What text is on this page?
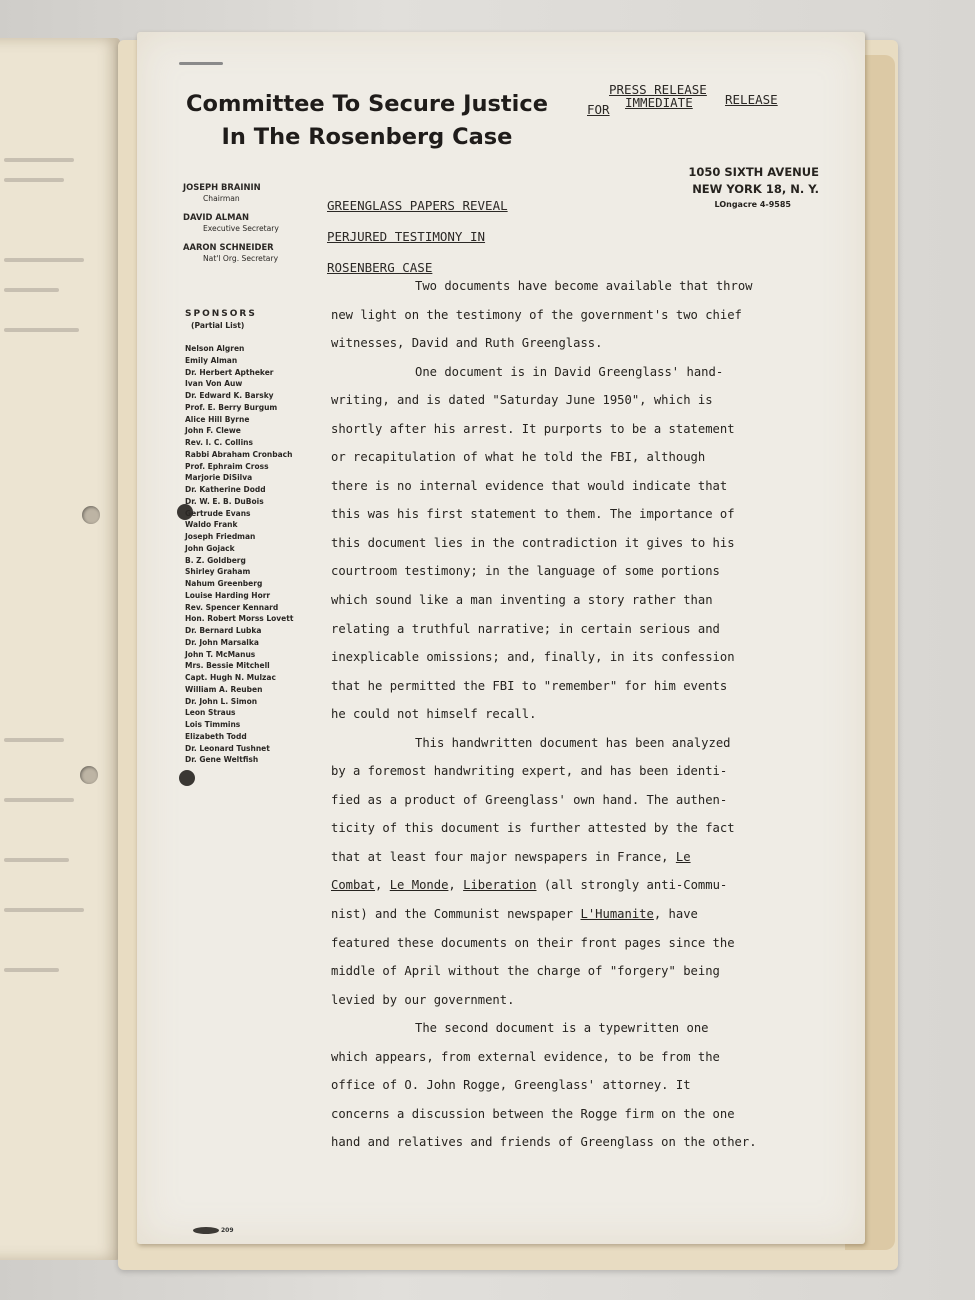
Committee To Secure Justice
In The Rosenberg Case
PRESS RELEASE
FOR IMMEDIATE	RELEASE
1050 SIXTH AVENUE
NEW YORK 18, N. Y.
LOngacre 4-9585
JOSEPH BRAININ
Chairman
DAVID ALMAN
Executive Secretary
AARON SCHNEIDER
Nat'l Org. Secretary
SPONSORS
(Partial List)
Nelson Algren
Emily Alman
Dr. Herbert Aptheker
Ivan Von Auw
Dr. Edward K. Barsky
Prof. E. Berry Burgum
Alice Hill Byrne
John F. Clewe
Rev. I. C. Collins
Rabbi Abraham Cronbach
Prof. Ephraim Cross
Marjorie DiSilva
Dr. Katherine Dodd
Dr. W. E. B. DuBois
Gertrude Evans
Waldo Frank
Joseph Friedman
John Gojack
B. Z. Goldberg
Shirley Graham
Nahum Greenberg
Louise Harding Horr
Rev. Spencer Kennard
Hon. Robert Morss Lovett
Dr. Bernard Lubka
Dr. John Marsalka
John T. McManus
Mrs. Bessie Mitchell
Capt. Hugh N. Mulzac
William A. Reuben
Dr. John L. Simon
Leon Straus
Lois Timmins
Elizabeth Todd
Dr. Leonard Tushnet
Dr. Gene Weltfish
GREENGLASS PAPERS REVEAL
PERJURED TESTIMONY IN
ROSENBERG CASE
Two documents have become available that throw
new light on the testimony of the government's two chief
witnesses, David and Ruth Greenglass.
One document is in David Greenglass' hand-
writing, and is dated "Saturday June 1950", which is
shortly after his arrest. It purports to be a statement
or recapitulation of what he told the FBI, although
there is no internal evidence that would indicate that
this was his first statement to them. The importance of
this document lies in the contradiction it gives to his
courtroom testimony; in the language of some portions
which sound like a man inventing a story rather than
relating a truthful narrative; in certain serious and
inexplicable omissions; and, finally, in its confession
that he permitted the FBI to "remember" for him events
he could not himself recall.
This handwritten document has been analyzed
by a foremost handwriting expert, and has been identi-
fied as a product of Greenglass' own hand. The authen-
ticity of this document is further attested by the fact
that at least four major newspapers in France, Le
Combat, Le Monde, Liberation (all strongly anti-Commu-
nist) and the Communist newspaper L'Humanite, have
featured these documents on their front pages since the
middle of April without the charge of "forgery" being
levied by our government.
The second document is a typewritten one
which appears, from external evidence, to be from the
office of O. John Rogge, Greenglass' attorney. It
concerns a discussion between the Rogge firm on the one
hand and relatives and friends of Greenglass on the other.
209
